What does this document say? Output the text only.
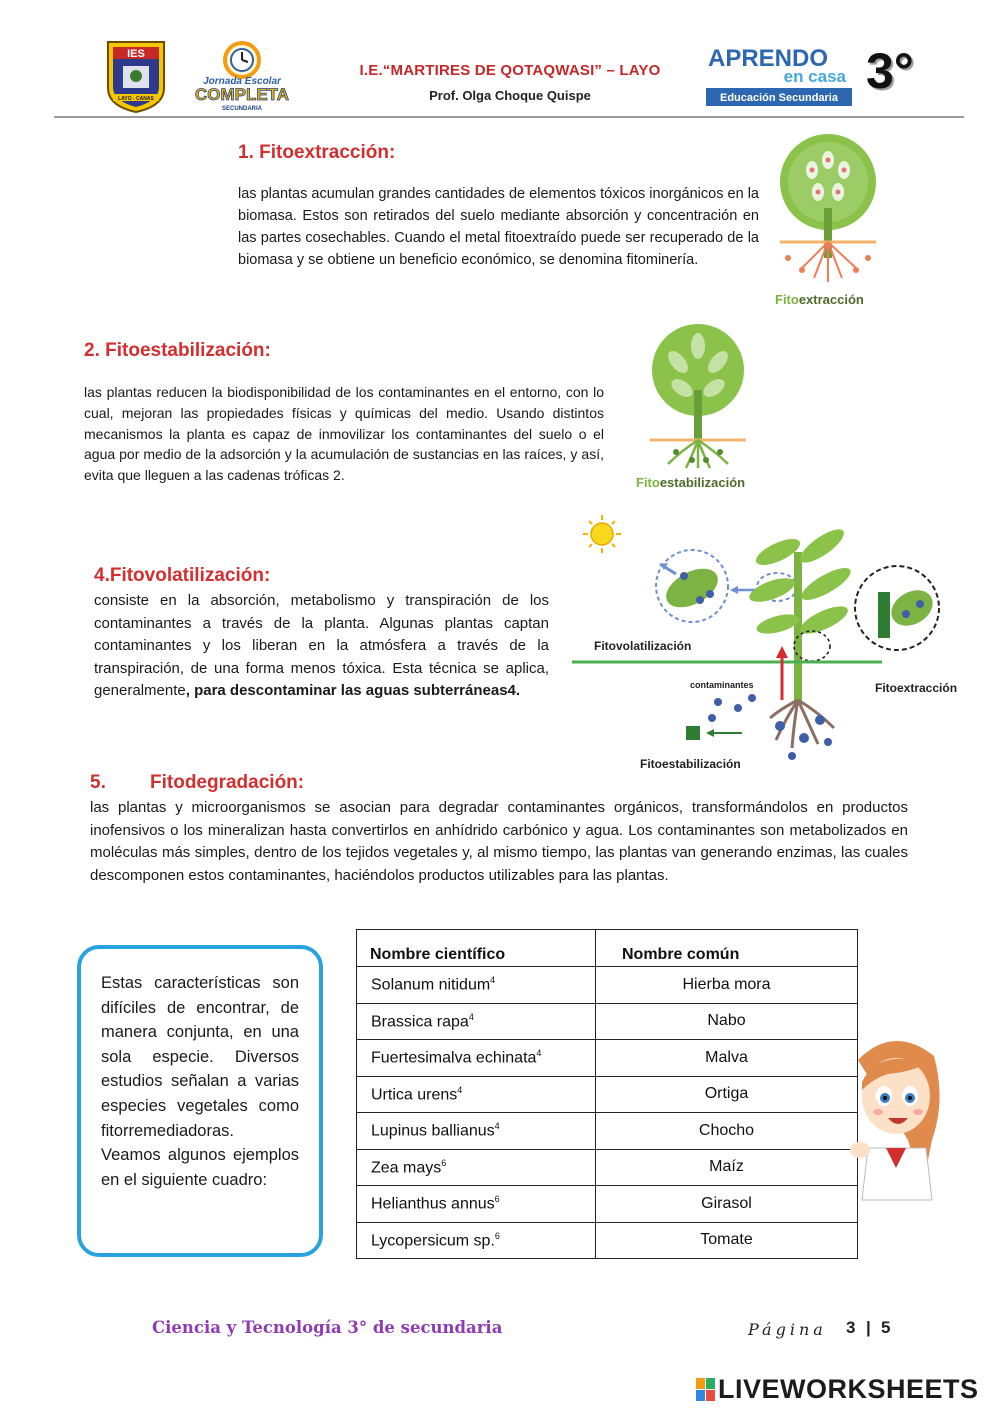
IES
LAYO - CANAS
Jornada Escolar
COMPLETA
SECUNDARIA
I.E.“MARTIRES DE QOTAQWASI” – LAYO
Prof. Olga Choque Quispe
APRENDO
en casa
Educación Secundaria 3°
1. Fitoextracción:
las plantas acumulan grandes cantidades de elementos tóxicos inorgánicos en la biomasa. Estos son retirados del suelo mediante absorción y concentración en las partes cosechables. Cuando el metal fitoextraído puede ser recuperado de la biomasa y se obtiene un beneficio económico, se denomina fitominería.
Fitoextracción
2. Fitoestabilización:
las plantas reducen la biodisponibilidad de los contaminantes en el entorno, con lo cual, mejoran las propiedades físicas y químicas del medio. Usando distintos mecanismos la planta es capaz de inmovilizar los contaminantes del suelo o el agua por medio de la adsorción y la acumulación de sustancias en las raíces, y así, evita que lleguen a las cadenas tróficas 2.	Fitoestabilización
4.Fitovolatilización:
consiste en la absorción, metabolismo y transpiración de los contaminantes a través de la planta. Algunas plantas captan contaminantes y los liberan en la atmósfera a través de la transpiración, de una forma menos tóxica. Esta técnica se aplica, generalmente, para descontaminar las aguas subterráneas4.
Fitovolatilización
contaminantes	Fitoextracción
Fitoestabilización
5. Fitodegradación:
las plantas y microorganismos se asocian para degradar contaminantes orgánicos, transformándolos en productos inofensivos o los mineralizan hasta convertirlos en anhídrido carbónico y agua. Los contaminantes son metabolizados en moléculas más simples, dentro de los tejidos vegetales y, al mismo tiempo, las plantas van generando enzimas, las cuales descomponen estos contaminantes, haciéndolos productos utilizables para las plantas.

Estas características son difíciles de encontrar, de manera conjunta, en una sola especie. Diversos estudios señalan a varias especies vegetales como fitorremediadoras.

Veamos algunos ejemplos en el siguiente cuadro:

Nombre científico	Nombre común
Solanum nitidum$^4$	Hierba mora
Brassica rapa$^4$	Nabo
Fuertesimalva echinata$^4$	Malva
Urtica urens$^4$	Ortiga
Lupinus ballianus$^4$	Chocho
Zea mays$^6$	Maíz
Helianthus annus$^6$	Girasol
Lycopersicum sp.$^6$	Tomate
Ciencia y Tecnología 3° de secundaria	Página 3 | 5
LIVEWORKSHEETS
